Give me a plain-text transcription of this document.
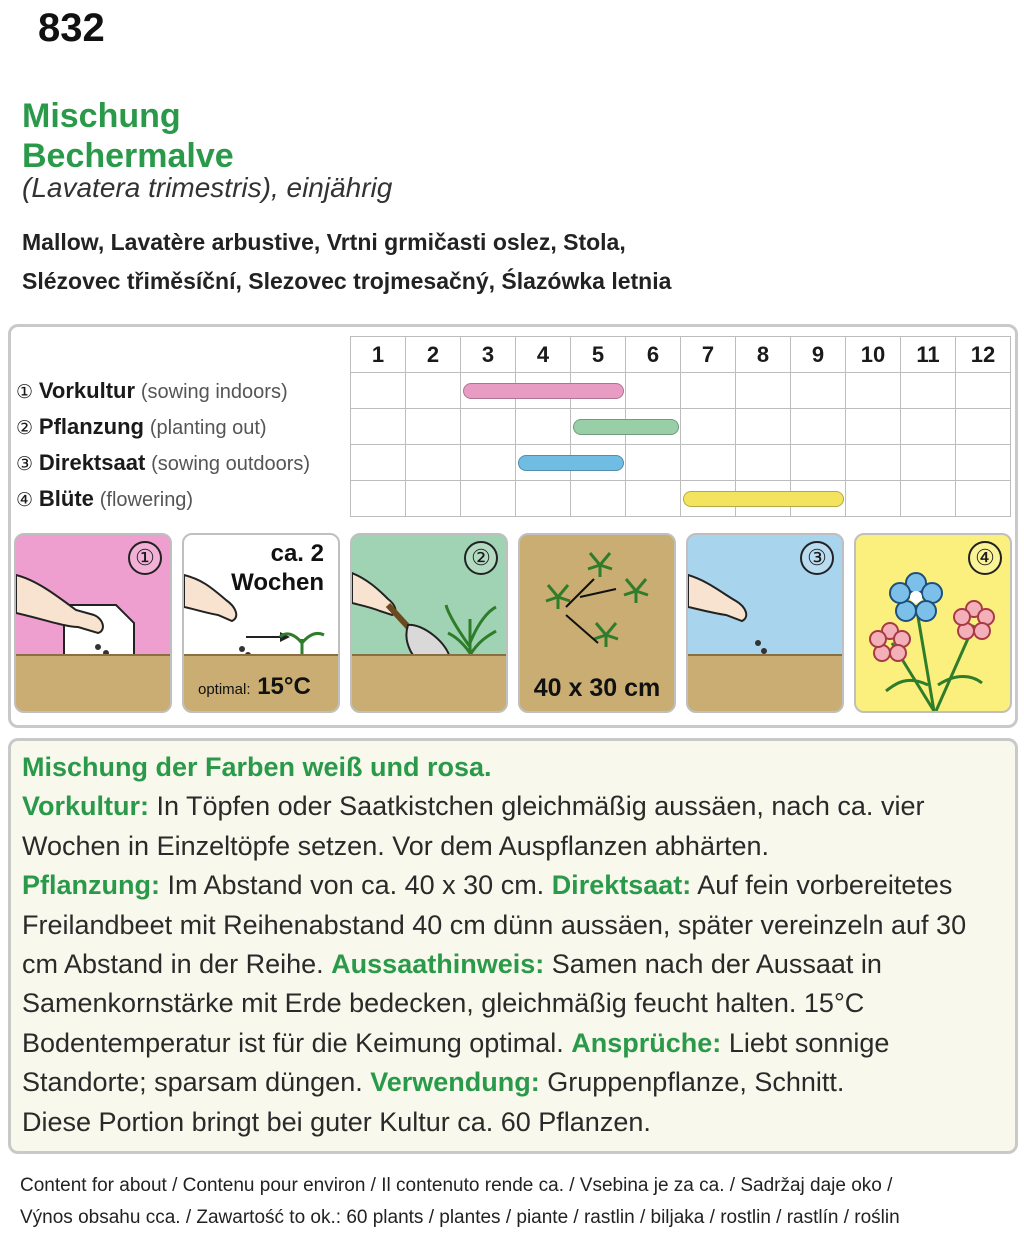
832
Mischung
Bechermalve
(Lavatera trimestris), einjährig
Mallow, Lavatère arbustive, Vrtni grmičasti oslez, Stola,
Slézovec třiměsíční, Slezovec trojmesačný, Ślazówka letnia
	1	2	3	4	5	6	7	8	9	10	11	12
① Vorkultur (sowing indoors)												
② Pflanzung (planting out)												
③ Direktsaat (sowing outdoors)												
④ Blüte (flowering)												
①	ca. 2
Wochen
optimal: 15°C
②
40 x 30 cm
③	④
Mischung der Farben weiß und rosa.
Vorkultur: In Töpfen oder Saatkistchen gleichmäßig aussäen, nach ca. vier Wochen in Einzeltöpfe setzen. Vor dem Auspflanzen abhärten.
Pflanzung: Im Abstand von ca. 40 x 30 cm. Direktsaat: Auf fein vorbereitetes Freilandbeet mit Reihenabstand 40 cm dünn aussäen, später vereinzeln auf 30 cm Abstand in der Reihe. Aussaathinweis: Samen nach der Aussaat in Samenkornstärke mit Erde bedecken, gleichmäßig feucht halten. 15°C Bodentemperatur ist für die Keimung optimal. Ansprüche: Liebt sonnige Standorte; sparsam düngen. Verwendung: Gruppenpflanze, Schnitt.
Diese Portion bringt bei guter Kultur ca. 60 Pflanzen.
Content for about / Contenu pour environ / Il contenuto rende ca. / Vsebina je za ca. / Sadržaj daje oko /
Výnos obsahu cca. / Zawartość to ok.: 60 plants / plantes / piante / rastlin / biljaka / rostlin / rastlín / roślin
